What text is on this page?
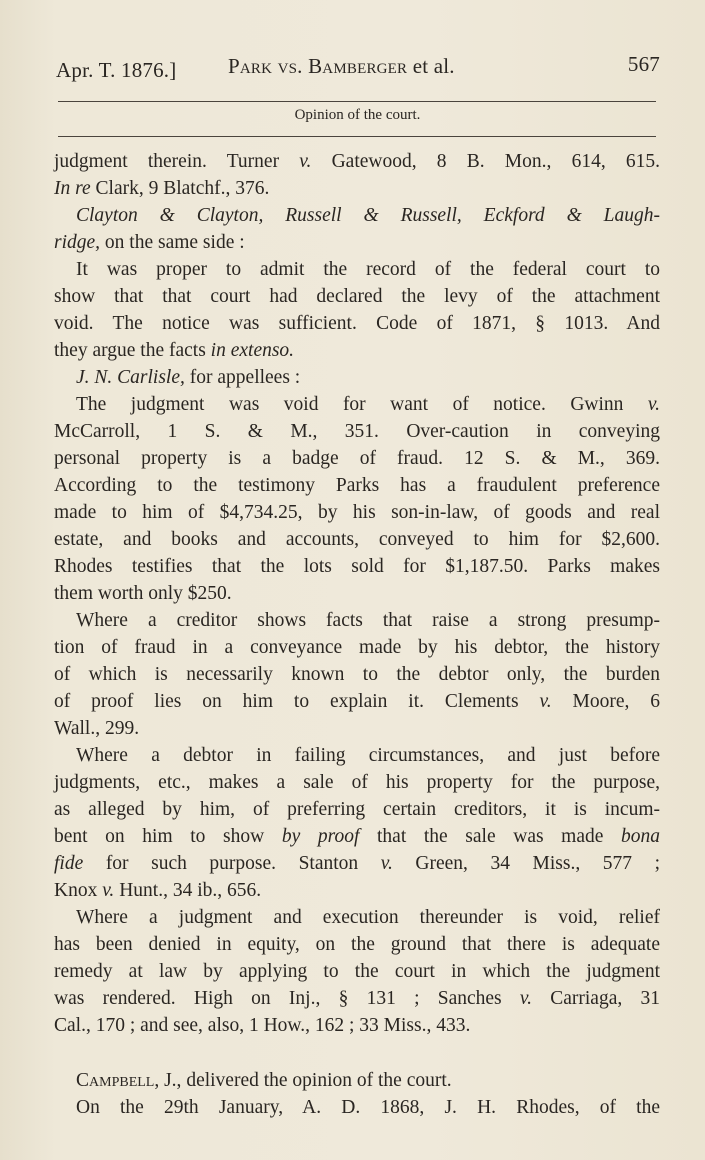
Apr. T. 1876.] Park vs. Bamberger et al.	567
Opinion of the court.
judgment therein. Turner v. Gatewood, 8 B. Mon., 614, 615.
In re Clark, 9 Blatchf., 376.
Clayton & Clayton, Russell & Russell, Eckford & Laugh-
ridge, on the same side :
It was proper to admit the record of the federal court to
show that that court had declared the levy of the attachment
void. The notice was sufficient. Code of 1871, § 1013. And
they argue the facts in extenso.
J. N. Carlisle, for appellees :
The judgment was void for want of notice. Gwinn v.
McCarroll, 1 S. & M., 351. Over-caution in conveying
personal property is a badge of fraud. 12 S. & M., 369.
According to the testimony Parks has a fraudulent preference
made to him of $4,734.25, by his son-in-law, of goods and real
estate, and books and accounts, conveyed to him for $2,600.
Rhodes testifies that the lots sold for $1,187.50. Parks makes
them worth only $250.
Where a creditor shows facts that raise a strong presump-
tion of fraud in a conveyance made by his debtor, the history
of which is necessarily known to the debtor only, the burden
of proof lies on him to explain it. Clements v. Moore, 6
Wall., 299.
Where a debtor in failing circumstances, and just before
judgments, etc., makes a sale of his property for the purpose,
as alleged by him, of preferring certain creditors, it is incum-
bent on him to show by proof that the sale was made bona
fide for such purpose. Stanton v. Green, 34 Miss., 577 ;
Knox v. Hunt., 34 ib., 656.
Where a judgment and execution thereunder is void, relief
has been denied in equity, on the ground that there is adequate
remedy at law by applying to the court in which the judgment
was rendered. High on Inj., § 131 ; Sanches v. Carriaga, 31
Cal., 170 ; and see, also, 1 How., 162 ; 33 Miss., 433.
Campbell, J., delivered the opinion of the court.
On the 29th January, A. D. 1868, J. H. Rhodes, of the
